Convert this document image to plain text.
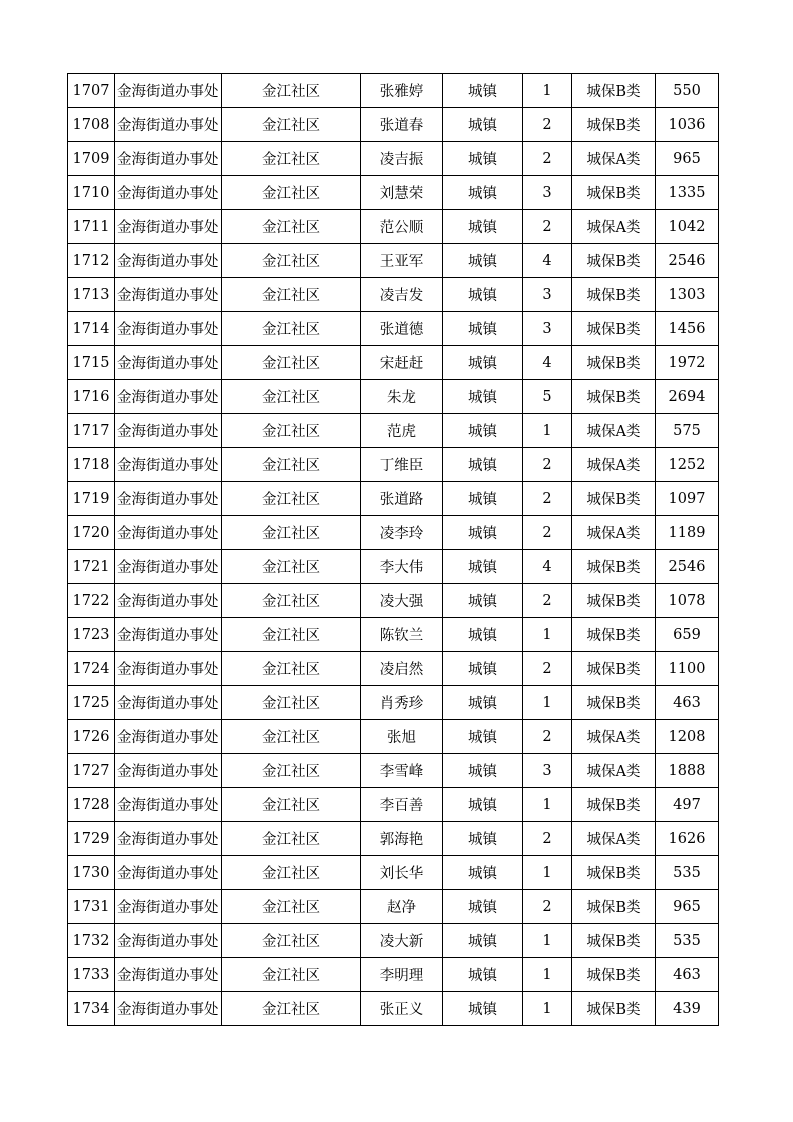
1707	金海街道办事处	金江社区	张雅婷	城镇	1	城保B类	550
1708	金海街道办事处	金江社区	张道春	城镇	2	城保B类	1036
1709	金海街道办事处	金江社区	凌吉振	城镇	2	城保A类	965
1710	金海街道办事处	金江社区	刘慧荣	城镇	3	城保B类	1335
1711	金海街道办事处	金江社区	范公顺	城镇	2	城保A类	1042
1712	金海街道办事处	金江社区	王亚军	城镇	4	城保B类	2546
1713	金海街道办事处	金江社区	凌吉发	城镇	3	城保B类	1303
1714	金海街道办事处	金江社区	张道德	城镇	3	城保B类	1456
1715	金海街道办事处	金江社区	宋赶赶	城镇	4	城保B类	1972
1716	金海街道办事处	金江社区	朱龙	城镇	5	城保B类	2694
1717	金海街道办事处	金江社区	范虎	城镇	1	城保A类	575
1718	金海街道办事处	金江社区	丁维臣	城镇	2	城保A类	1252
1719	金海街道办事处	金江社区	张道路	城镇	2	城保B类	1097
1720	金海街道办事处	金江社区	凌李玲	城镇	2	城保A类	1189
1721	金海街道办事处	金江社区	李大伟	城镇	4	城保B类	2546
1722	金海街道办事处	金江社区	凌大强	城镇	2	城保B类	1078
1723	金海街道办事处	金江社区	陈钦兰	城镇	1	城保B类	659
1724	金海街道办事处	金江社区	凌启然	城镇	2	城保B类	1100
1725	金海街道办事处	金江社区	肖秀珍	城镇	1	城保B类	463
1726	金海街道办事处	金江社区	张旭	城镇	2	城保A类	1208
1727	金海街道办事处	金江社区	李雪峰	城镇	3	城保A类	1888
1728	金海街道办事处	金江社区	李百善	城镇	1	城保B类	497
1729	金海街道办事处	金江社区	郭海艳	城镇	2	城保A类	1626
1730	金海街道办事处	金江社区	刘长华	城镇	1	城保B类	535
1731	金海街道办事处	金江社区	赵净	城镇	2	城保B类	965
1732	金海街道办事处	金江社区	凌大新	城镇	1	城保B类	535
1733	金海街道办事处	金江社区	李明理	城镇	1	城保B类	463
1734	金海街道办事处	金江社区	张正义	城镇	1	城保B类	439
